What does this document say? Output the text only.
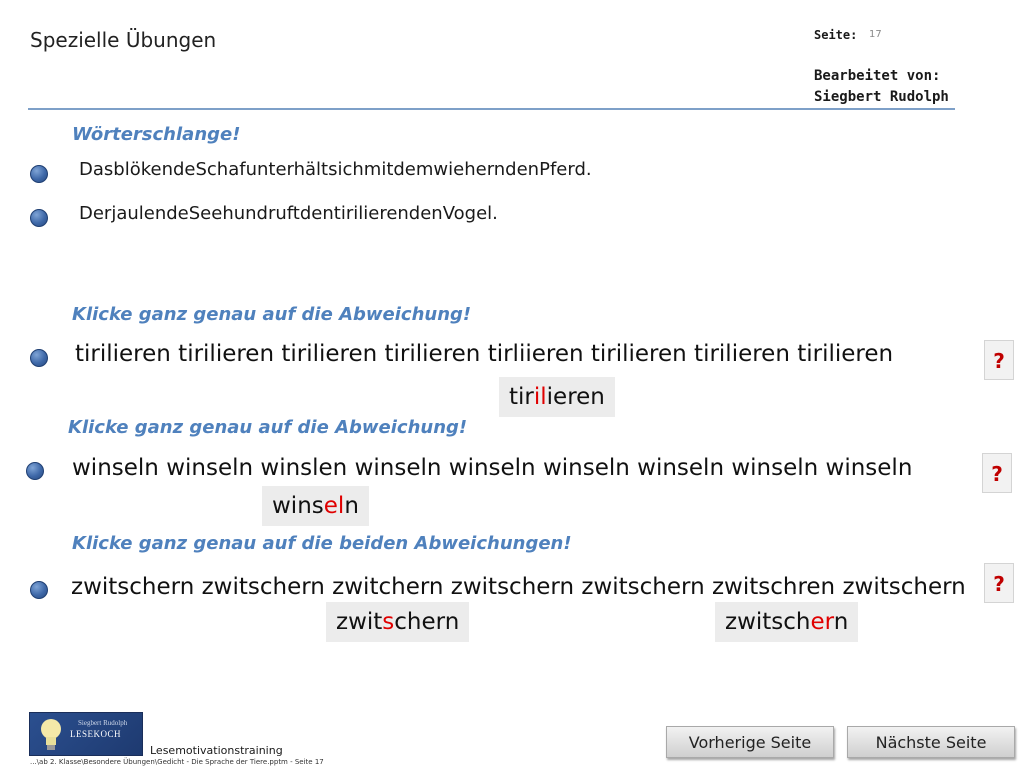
Spezielle Übungen	Seite: 17
Bearbeitet von:
Siegbert Rudolph
Wörterschlange!
DasblökendeSchafunterhältsichmitdemwieherndenPferd.
DerjaulendeSeehundruftdentirilierendenVogel.
Klicke ganz genau auf die Abweichung!
tirilieren tirilieren tirilieren tirilieren tirliieren tirilieren tirilieren tirilieren	?
tirilieren
Klicke ganz genau auf die Abweichung!
winseln winseln winslen winseln winseln winseln winseln winseln winseln	?
winseln
Klicke ganz genau auf die beiden Abweichungen!
zwitschern zwitschern zwitchern zwitschern zwitschern zwitschren zwitschern	?
zwitschern	zwitschern
Siegbert Rudolph
LESEKOCH
Lesemotivationstraining
...\ab 2. Klasse\Besondere Übungen\Gedicht - Die Sprache der Tiere.pptm - Seite 17
Vorherige Seite	Nächste Seite
